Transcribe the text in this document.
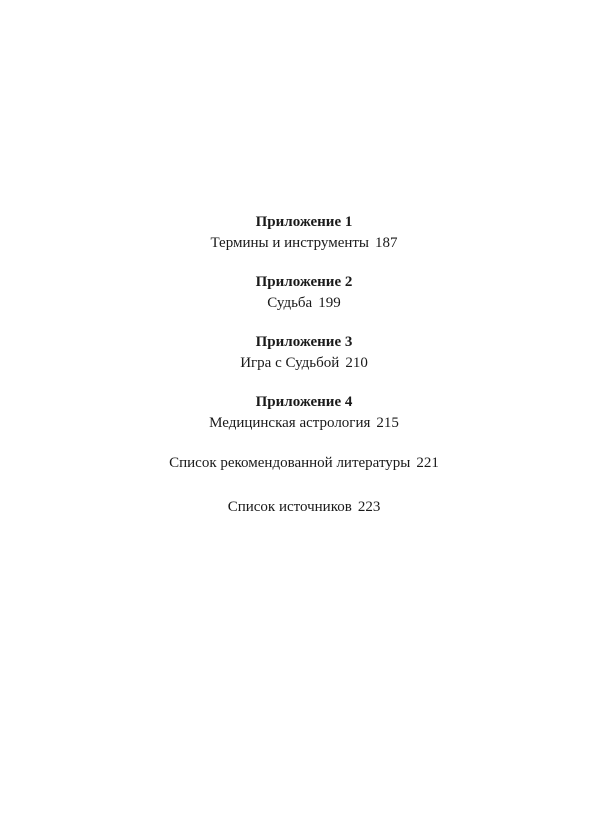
Приложение 1
Термины и инструменты 187
Приложение 2
Судьба 199
Приложение 3
Игра с Судьбой 210
Приложение 4
Медицинская астрология 215
Список рекомендованной литературы 221
Список источников 223
